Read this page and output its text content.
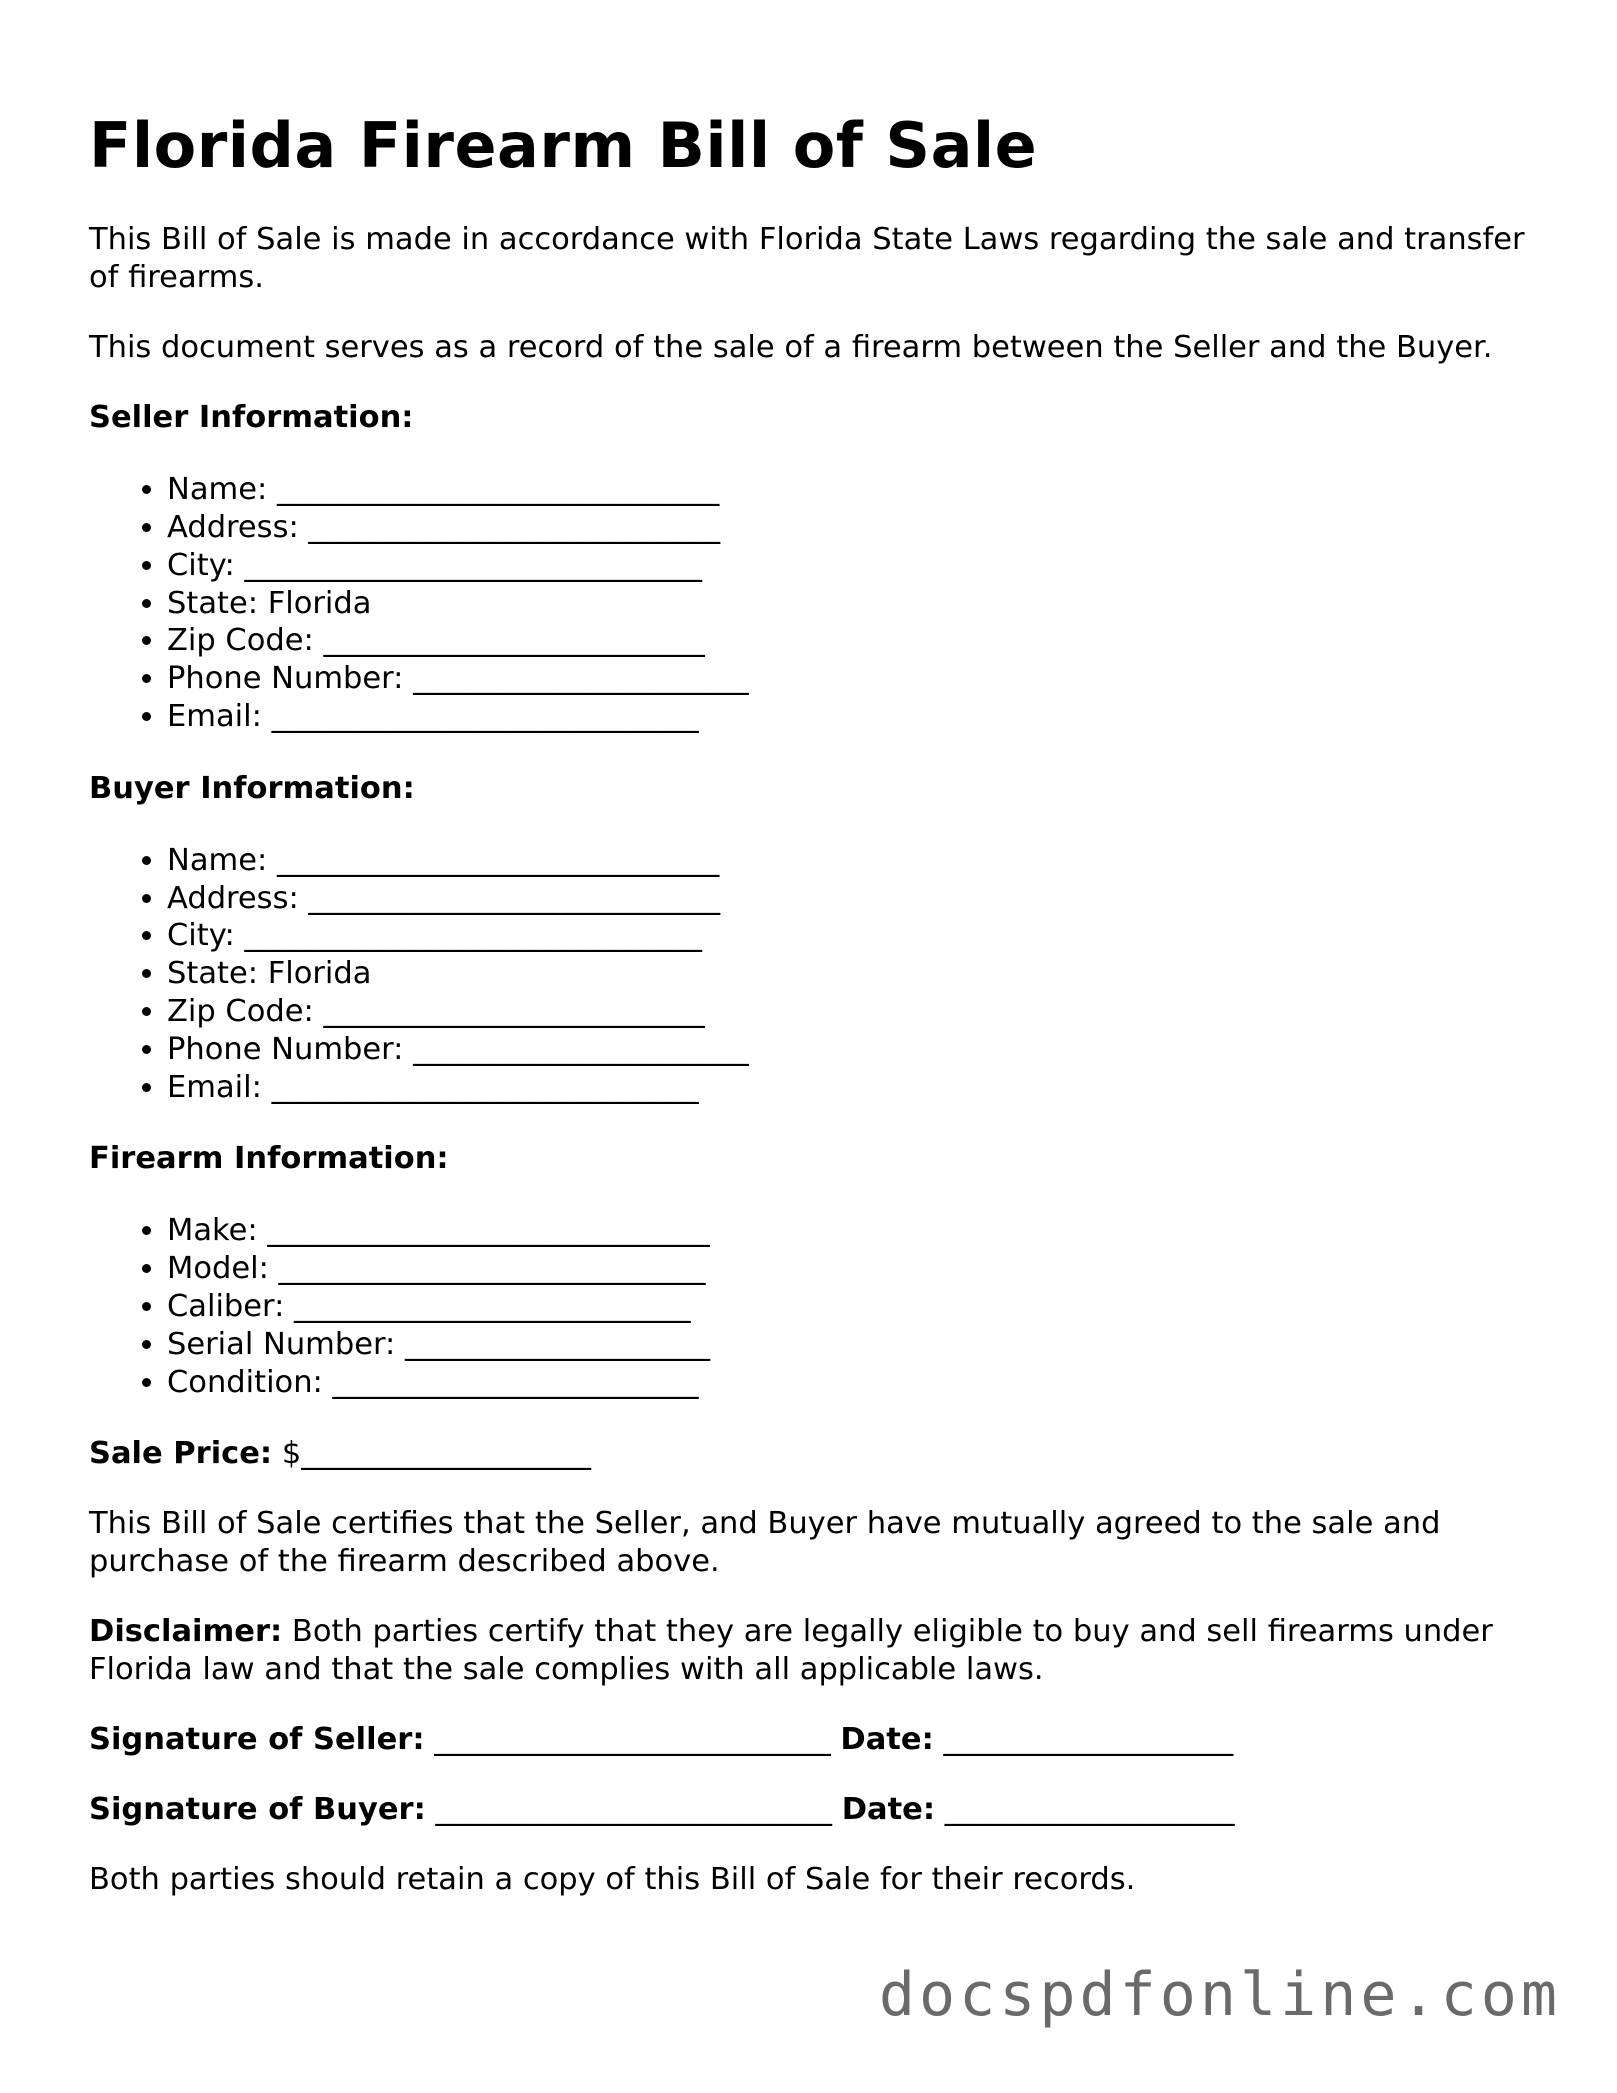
Florida Firearm Bill of Sale

This Bill of Sale is made in accordance with Florida State Laws regarding the sale and transfer of firearms.

This document serves as a record of the sale of a firearm between the Seller and the Buyer.

Seller Information:

• Name: _____________________________
• Address: ___________________________
• City: ______________________________
• State: Florida
• Zip Code: _________________________
• Phone Number: ______________________
• Email: ____________________________

Buyer Information:

• Name: _____________________________
• Address: ___________________________
• City: ______________________________
• State: Florida
• Zip Code: _________________________
• Phone Number: ______________________
• Email: ____________________________

Firearm Information:

• Make: _____________________________
• Model: ____________________________
• Caliber: __________________________
• Serial Number: ____________________
• Condition: ________________________

Sale Price: $___________________

This Bill of Sale certifies that the Seller, and Buyer have mutually agreed to the sale and purchase of the firearm described above.

Disclaimer: Both parties certify that they are legally eligible to buy and sell firearms under Florida law and that the sale complies with all applicable laws.

Signature of Seller: __________________________ Date: ___________________

Signature of Buyer: __________________________ Date: ___________________

Both parties should retain a copy of this Bill of Sale for their records.

docspdfonline.com
